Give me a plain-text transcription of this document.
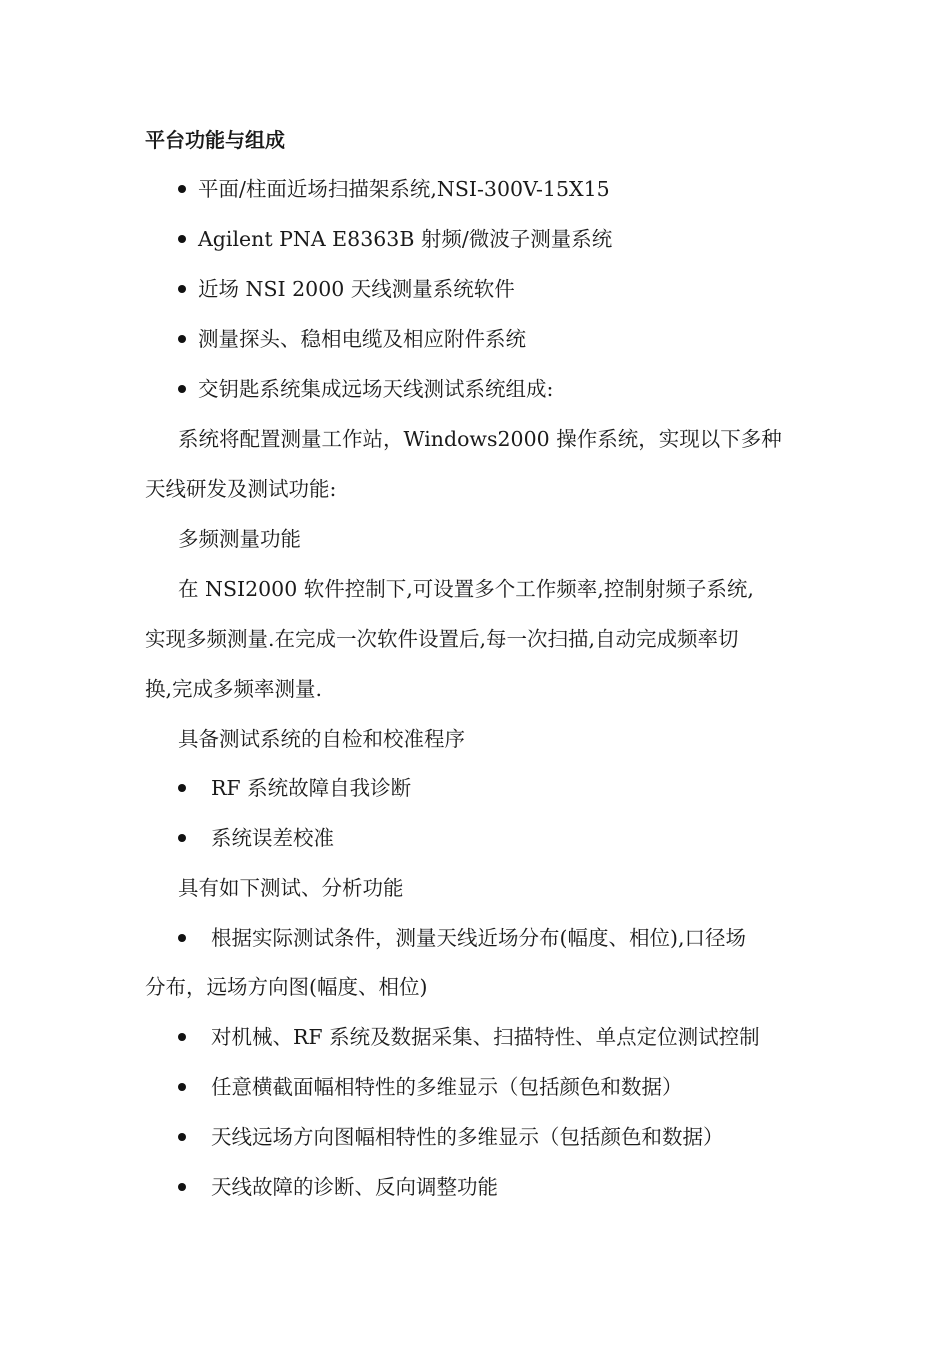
平台功能与组成
平面/柱面近场扫描架系统,NSI-300V-15X15
Agilent PNA E8363B 射频/微波子测量系统
近场 NSI 2000 天线测量系统软件
测量探头、稳相电缆及相应附件系统
交钥匙系统集成远场天线测试系统组成:
系统将配置测量工作站，Windows2000 操作系统，实现以下多种
天线研发及测试功能:
多频测量功能
在 NSI2000 软件控制下,可设置多个工作频率,控制射频子系统,
实现多频测量.在完成一次软件设置后,每一次扫描,自动完成频率切
换,完成多频率测量.
具备测试系统的自检和校准程序
RF 系统故障自我诊断
系统误差校准
具有如下测试、分析功能
根据实际测试条件，测量天线近场分布(幅度、相位),口径场
分布，远场方向图(幅度、相位)
对机械、RF 系统及数据采集、扫描特性、单点定位测试控制
任意横截面幅相特性的多维显示（包括颜色和数据）
天线远场方向图幅相特性的多维显示（包括颜色和数据）
天线故障的诊断、反向调整功能
